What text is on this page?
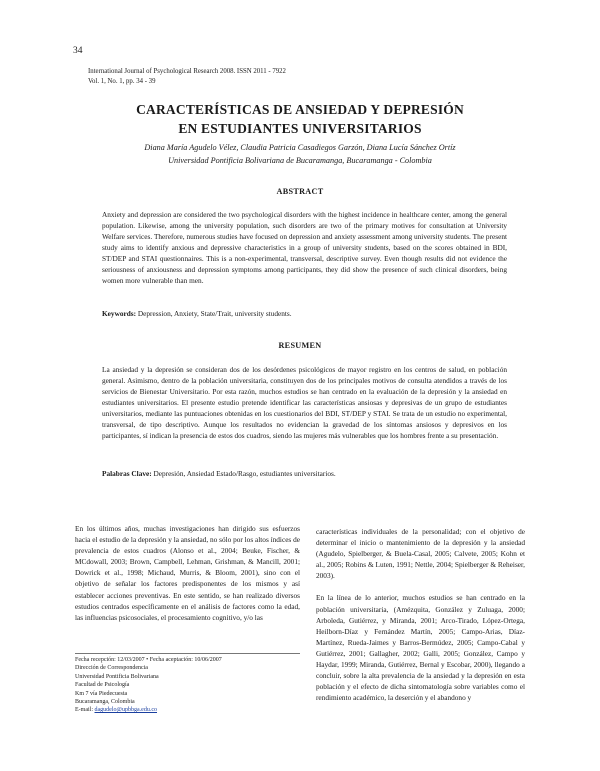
34
International Journal of Psychological Research 2008. ISSN 2011 - 7922
Vol. 1, No. 1, pp. 34 - 39
CARACTERÍSTICAS DE ANSIEDAD Y DEPRESIÓN
EN ESTUDIANTES UNIVERSITARIOS
Diana María Agudelo Vélez, Claudia Patricia Casadiegos Garzón, Diana Lucía Sánchez Ortíz
Universidad Pontificia Bolivariana de Bucaramanga, Bucaramanga - Colombia
ABSTRACT
Anxiety and depression are considered the two psychological disorders with the highest incidence in healthcare center, among the general population. Likewise, among the university population, such disorders are two of the primary motives for consultation at University Welfare services. Therefore, numerous studies have focused on depression and anxiety assessment among university students. The present study aims to identify anxious and depressive characteristics in a group of university students, based on the scores obtained in BDI, ST/DEP and STAI questionnaires. This is a non-experimental, transversal, descriptive survey. Even though results did not evidence the seriousness of anxiousness and depression symptoms among participants, they did show the presence of such clinical disorders, being women more vulnerable than men.
Keywords: Depression, Anxiety, State/Trait, university students.
RESUMEN
La ansiedad y la depresión se consideran dos de los desórdenes psicológicos de mayor registro en los centros de salud, en población general. Asimismo, dentro de la población universitaria, constituyen dos de los principales motivos de consulta atendidos a través de los servicios de Bienestar Universitario. Por esta razón, muchos estudios se han centrado en la evaluación de la depresión y la ansiedad en estudiantes universitarios. El presente estudio pretende identificar las características ansiosas y depresivas de un grupo de estudiantes universitarios, mediante las puntuaciones obtenidas en los cuestionarios del BDI, ST/DEP y STAI. Se trata de un estudio no experimental, transversal, de tipo descriptivo. Aunque los resultados no evidencian la gravedad de los síntomas ansiosos y depresivos en los participantes, sí indican la presencia de estos dos cuadros, siendo las mujeres más vulnerables que los hombres frente a su presentación.
Palabras Clave: Depresión, Ansiedad Estado/Rasgo, estudiantes universitarios.

En los últimos años, muchas investigaciones han dirigido sus esfuerzos hacia el estudio de la depresión y la ansiedad, no sólo por los altos índices de prevalencia de estos cuadros (Alonso et al., 2004; Beuke, Fischer, & MCdowall, 2003; Brown, Campbell, Lehman, Grishman, & Mancill, 2001; Dowrick et al., 1998; Michaud, Murris, & Bloom, 2001), sino con el objetivo de señalar los factores predisponentes de los mismos y así establecer acciones preventivas. En este sentido, se han realizado diversos estudios centrados específicamente en el análisis de factores como la edad, las influencias psicosociales, el procesamiento cognitivo, y/o las

características individuales de la personalidad; con el objetivo de determinar el inicio o mantenimiento de la depresión y la ansiedad (Agudelo, Spielberger, & Buela-Casal, 2005; Calvete, 2005; Kohn et al., 2005; Robins & Luten, 1991; Nettle, 2004; Spielberger & Reheiser, 2003).

En la línea de lo anterior, muchos estudios se han centrado en la población universitaria, (Amézquita, González y Zuluaga, 2000; Arboleda, Gutiérrez, y Miranda, 2001; Arco-Tirado, López-Ortega, Heilborn-Díaz y Fernández Martín, 2005; Campo-Arias, Díaz-Martínez, Rueda-Jaimes y Barros-Bermúdez, 2005; Campo-Cabal y Gutiérrez, 2001; Gallagher, 2002; Galli, 2005; González, Campo y Haydar, 1999; Miranda, Gutiérrez, Bernal y Escobar, 2000), llegando a concluir, sobre la alta prevalencia de la ansiedad y la depresión en esta población y el efecto de dicha sintomatología sobre variables como el rendimiento académico, la deserción y el abandono y

Fecha recepción: 12/03/2007 • Fecha aceptación: 10/06/2007
Dirección de Correspondencia
Universidad Pontificia Bolivariana
Facultad de Psicología
Km 7 vía Piedecuesta
Bucaramanga, Colombia
E-mail: dagudelo@upbbga.edu.co
